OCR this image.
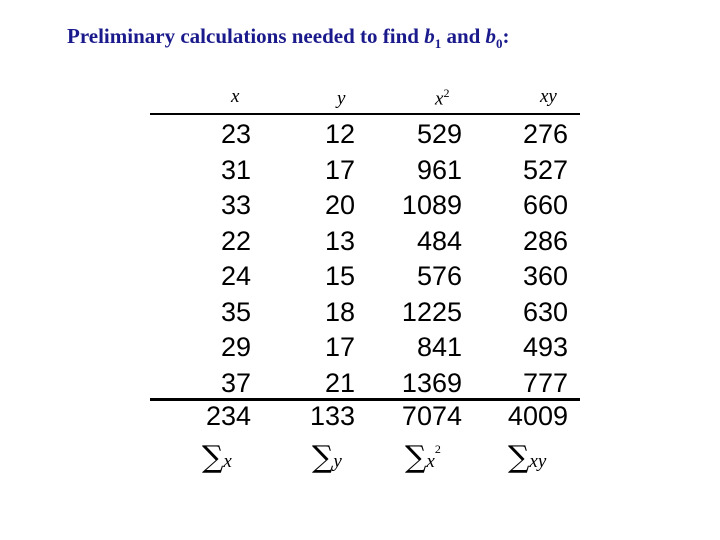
Preliminary calculations needed to find $b_1$ and $b_0$:
x	y	$x^2$	xy
23	12 529 276
31	17 961 527
33	20 1089 660
22	13 484 286
24	15 576 360
35	18 1225 630
29	17 841 493
37	21 1369 777
234 133 7074 4009
∑x	∑y $\sum x^2$ ∑xy
